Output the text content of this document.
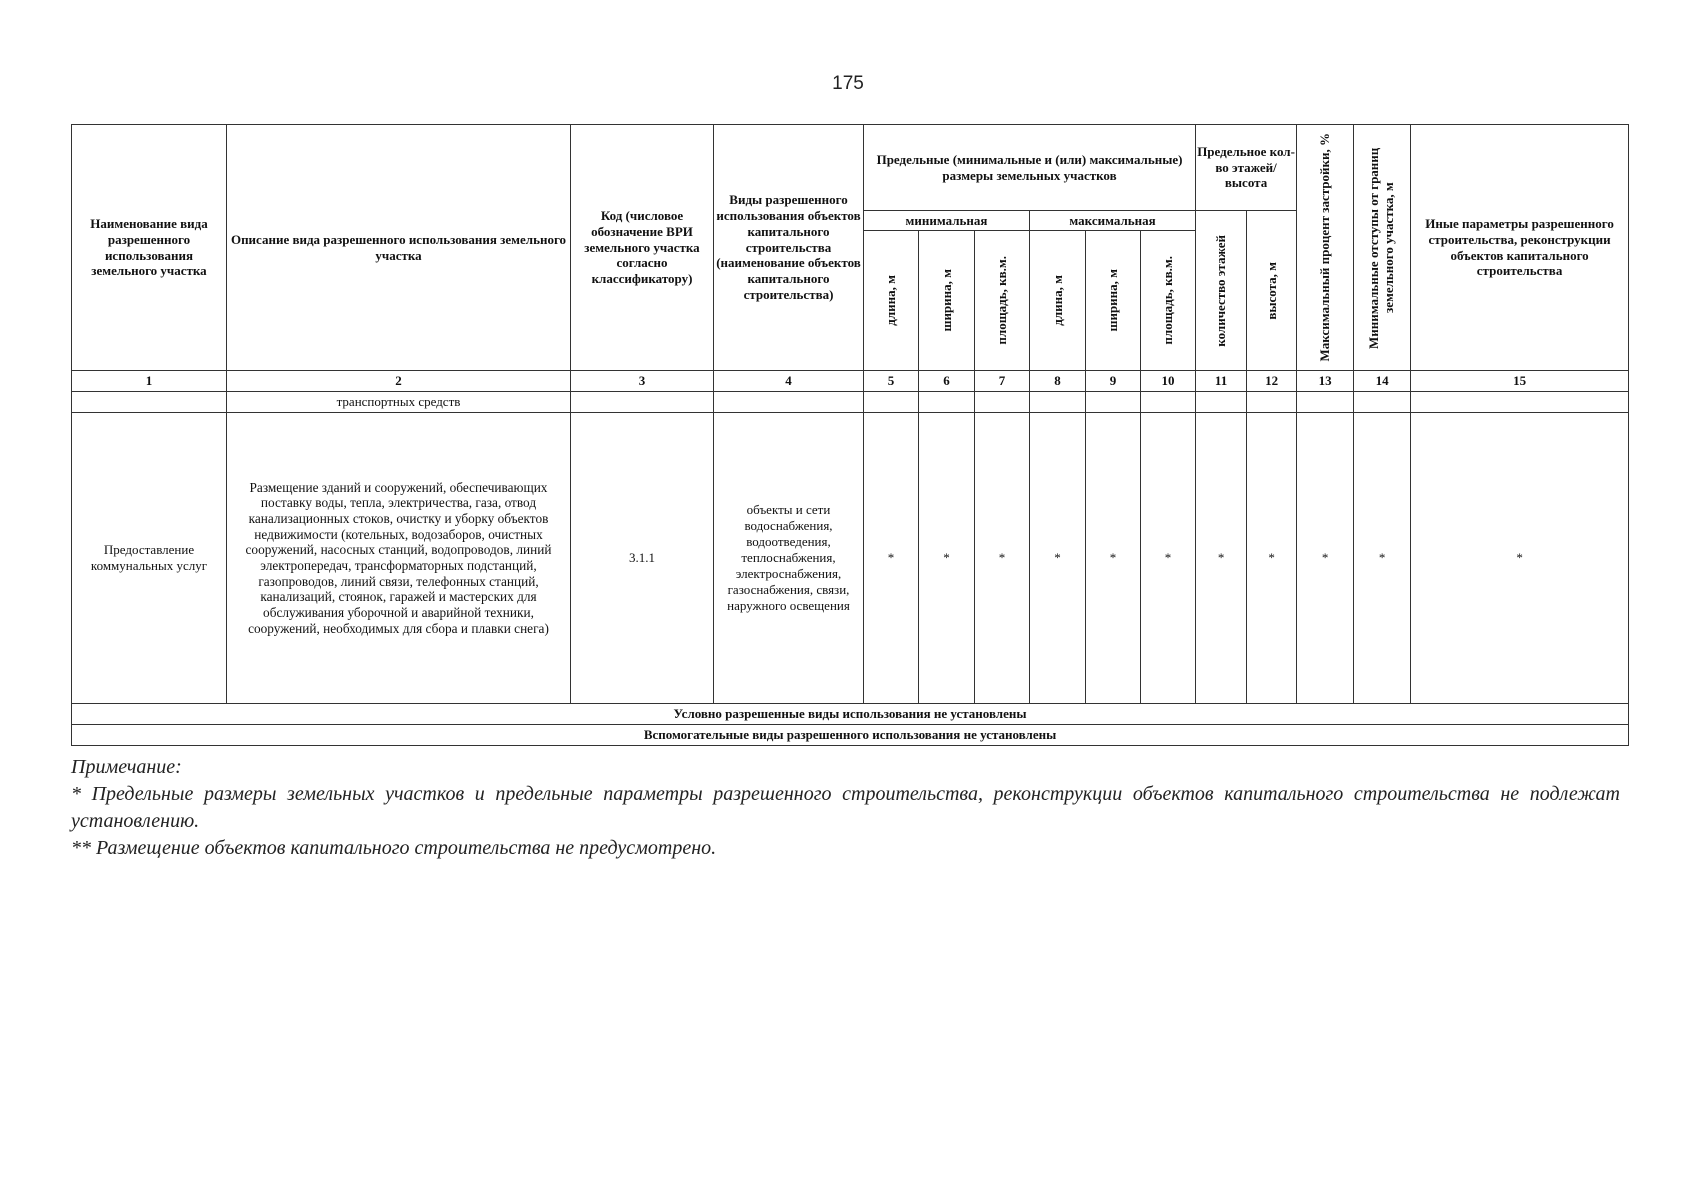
175
Наименование вида разрешенного использования земельного участка	Описание вида разрешенного использования земельного участка	Код (числовое обозначение ВРИ земельного участка согласно классификатору)	Виды разрешенного использования объектов капитального строительства (наименование объектов капитального строительства)	Предельные (минимальные и (или) максимальные) размеры земельных участков						Предельное кол-во этажей/ высота		Максимальный процент застройки, %	Минимальные отступы от границ земельного участка, м	Иные параметры разрешенного строительства, реконструкции объектов капитального строительства
				минимальная			максимальная			количество этажей	высота, м			

				длина, м	ширина, м	площадь, кв.м.	длина, м	ширина, м	площадь, кв.м.					

1	2	3	4	5	6	7	8	9	10	11	12	13	14	15
	транспортных средств													
Предоставление коммунальных услуг	Размещение зданий и сооружений, обеспечивающих поставку воды, тепла, электричества, газа, отвод канализационных стоков, очистку и уборку объектов недвижимости (котельных, водозаборов, очистных сооружений, насосных станций, водопроводов, линий электропередач, трансформаторных подстанций, газопроводов, линий связи, телефонных станций, канализаций, стоянок, гаражей и мастерских для обслуживания уборочной и аварийной техники, сооружений, необходимых для сбора и плавки снега)	3.1.1	объекты и сети водоснабжения, водоотведения, теплоснабжения, электроснабжения, газоснабжения, связи, наружного освещения	*	*	*	*	*	*	*	*	*	*	*
Условно разрешенные виды использования не установлены														
Вспомогательные виды разрешенного использования не установлены														

Примечание:

* Предельные размеры земельных участков и предельные параметры разрешенного строительства, реконструкции объектов капитального строительства не подлежат установлению.

** Размещение объектов капитального строительства не предусмотрено.
